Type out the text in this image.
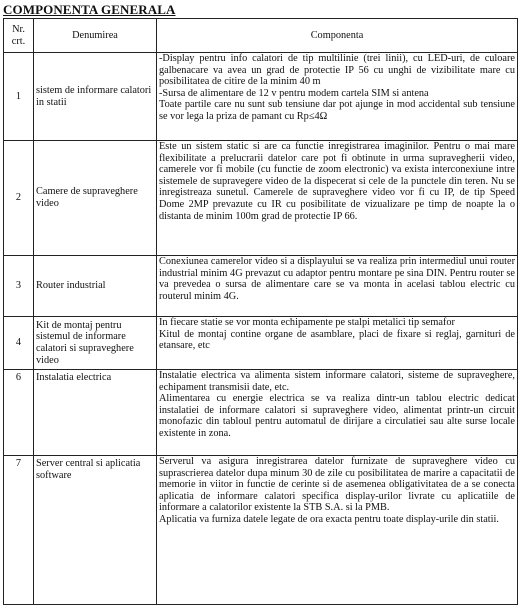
COMPONENTA GENERALA
Nr. crt.	Denumirea	Componenta
1	sistem de informare calatori in statii	-Display pentru info calatori de tip multilinie (trei linii), cu LED-uri, de culoare galbenacare va avea un grad de protectie IP 56 cu unghi de vizibilitate mare cu posibilitatea de citire de la minim 40 m

-Sursa de alimentare de 12 v pentru modem cartela SIM si antena

Toate partile care nu sunt sub tensiune dar pot ajunge in mod accidental sub tensiune se vor lega la priza de pamant cu Rp≤4Ω

2	Camere de supraveghere video	Este un sistem static si are ca functie inregistrarea imaginilor. Pentru o mai mare flexibilitate a prelucrarii datelor care pot fi obtinute in urma supravegherii video, camerele vor fi mobile (cu functie de zoom electronic) va exista interconexiune intre sistemele de supravegere video de la dispecerat si cele de la punctele din teren. Nu se inregistreaza sunetul. Camerele de supraveghere video vor fi cu IP, de tip Speed Dome 2MP prevazute cu IR cu posibilitate de vizualizare pe timp de noapte la o distanta de minim 100m grad de protectie IP 66.

3	Router industrial	Conexiunea camerelor video si a displayului se va realiza prin intermediul unui router industrial minim 4G prevazut cu adaptor pentru montare pe sina DIN. Pentru router se va prevedea o sursa de alimentare care se va monta in acelasi tablou electric cu routerul minim 4G.

4	Kit de montaj pentru sistemul de informare calatori si supraveghere video	In fiecare statie se vor monta echipamente pe stalpi metalici tip semafor

Kitul de montaj contine organe de asamblare, placi de fixare si reglaj, garnituri de etansare, etc

6	Instalatia electrica	Instalatie electrica va alimenta sistem informare calatori, sisteme de supraveghere, echipament transmisii date, etc.

Alimentarea cu energie electrica se va realiza dintr-un tablou electric dedicat instalatiei de informare calatori si supraveghere video, alimentat printr-un circuit monofazic din tabloul pentru automatul de dirijare a circulatiei sau alte surse locale existente in zona.

7	Server central si aplicatia software	Serverul va asigura inregistrarea datelor furnizate de supraveghere video cu suprascrierea datelor dupa minum 30 de zile cu posibilitatea de marire a capacitatii de memorie in viitor in functie de cerinte si de asemenea obligativitatea de a se conecta aplicatia de informare calatori specifica display-urilor livrate cu aplicatiile de informare a calatorilor existente la STB S.A. si la PMB.

Aplicatia va furniza datele legate de ora exacta pentru toate display-urile din statii.
